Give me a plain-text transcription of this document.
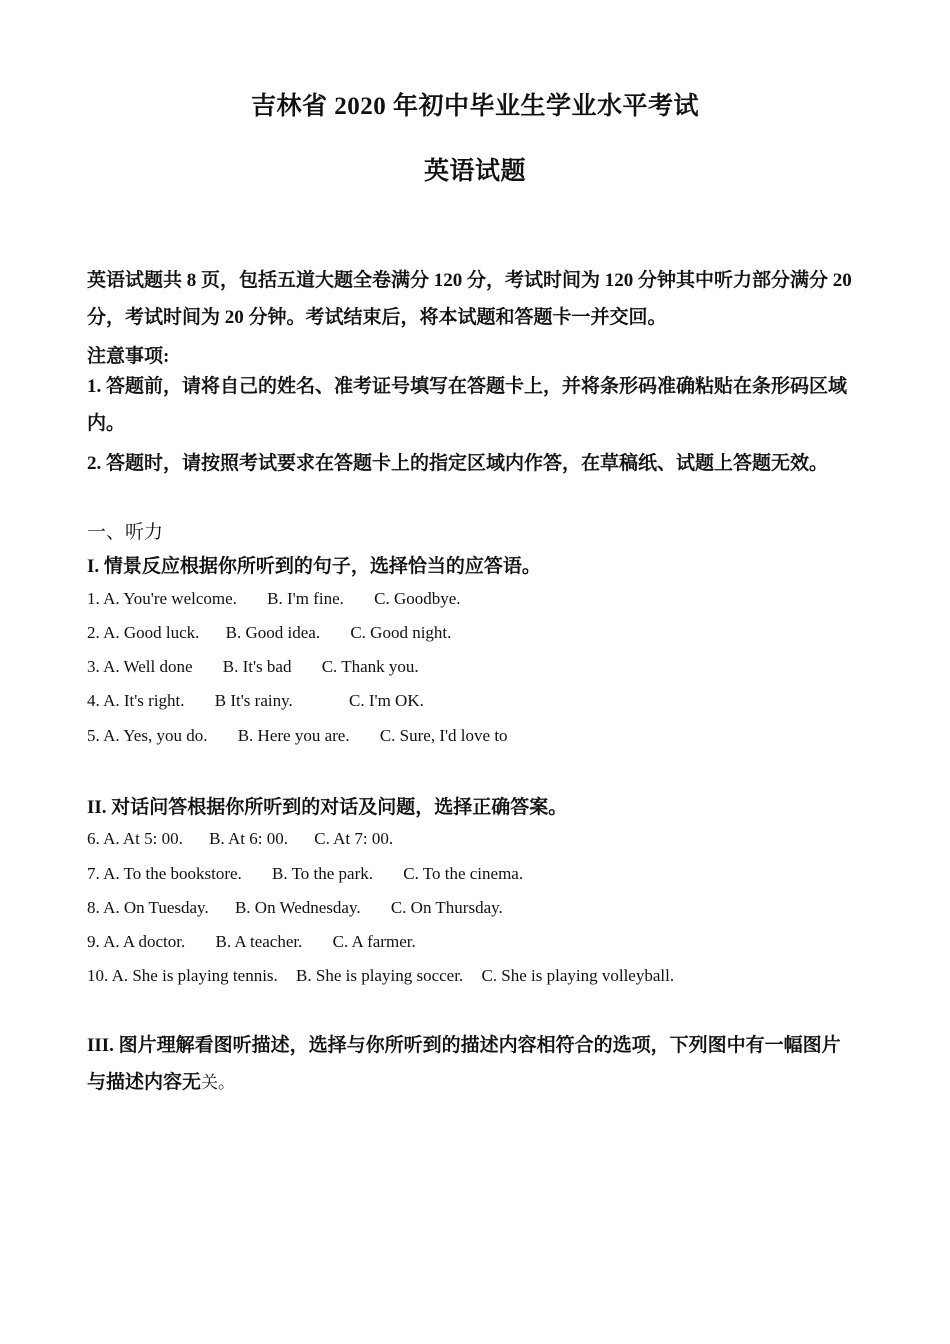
吉林省 2020 年初中毕业生学业水平考试
英语试题
英语试题共 8 页，包括五道大题全卷满分 120 分，考试时间为 120 分钟其中听力部分满分 20 分，考试时间为 20 分钟。考试结束后，将本试题和答题卡一并交回。
注意事项:
1. 答题前，请将自己的姓名、准考证号填写在答题卡上，并将条形码准确粘贴在条形码区域内。
2. 答题时，请按照考试要求在答题卡上的指定区域内作答，在草稿纸、试题上答题无效。
一、听力
I. 情景反应根据你所听到的句子，选择恰当的应答语。
1. A. You're welcome. B. I'm fine. C. Goodbye.
2. A. Good luck. B. Good idea. C. Good night.
3. A. Well done B. It's bad C. Thank you.
4. A. It's right. B It's rainy.	C. I'm OK.
5. A. Yes, you do. B. Here you are. C. Sure, I'd love to
II. 对话问答根据你所听到的对话及问题，选择正确答案。
6. A. At 5: 00. B. At 6: 00. C. At 7: 00.
7. A. To the bookstore. B. To the park. C. To the cinema.
8. A. On Tuesday. B. On Wednesday. C. On Thursday.
9. A. A doctor. B. A teacher. C. A farmer.
10. A. She is playing tennis. B. She is playing soccer. C. She is playing volleyball.
III. 图片理解看图听描述，选择与你所听到的描述内容相符合的选项，下列图中有一幅图片与描述内容无关。
